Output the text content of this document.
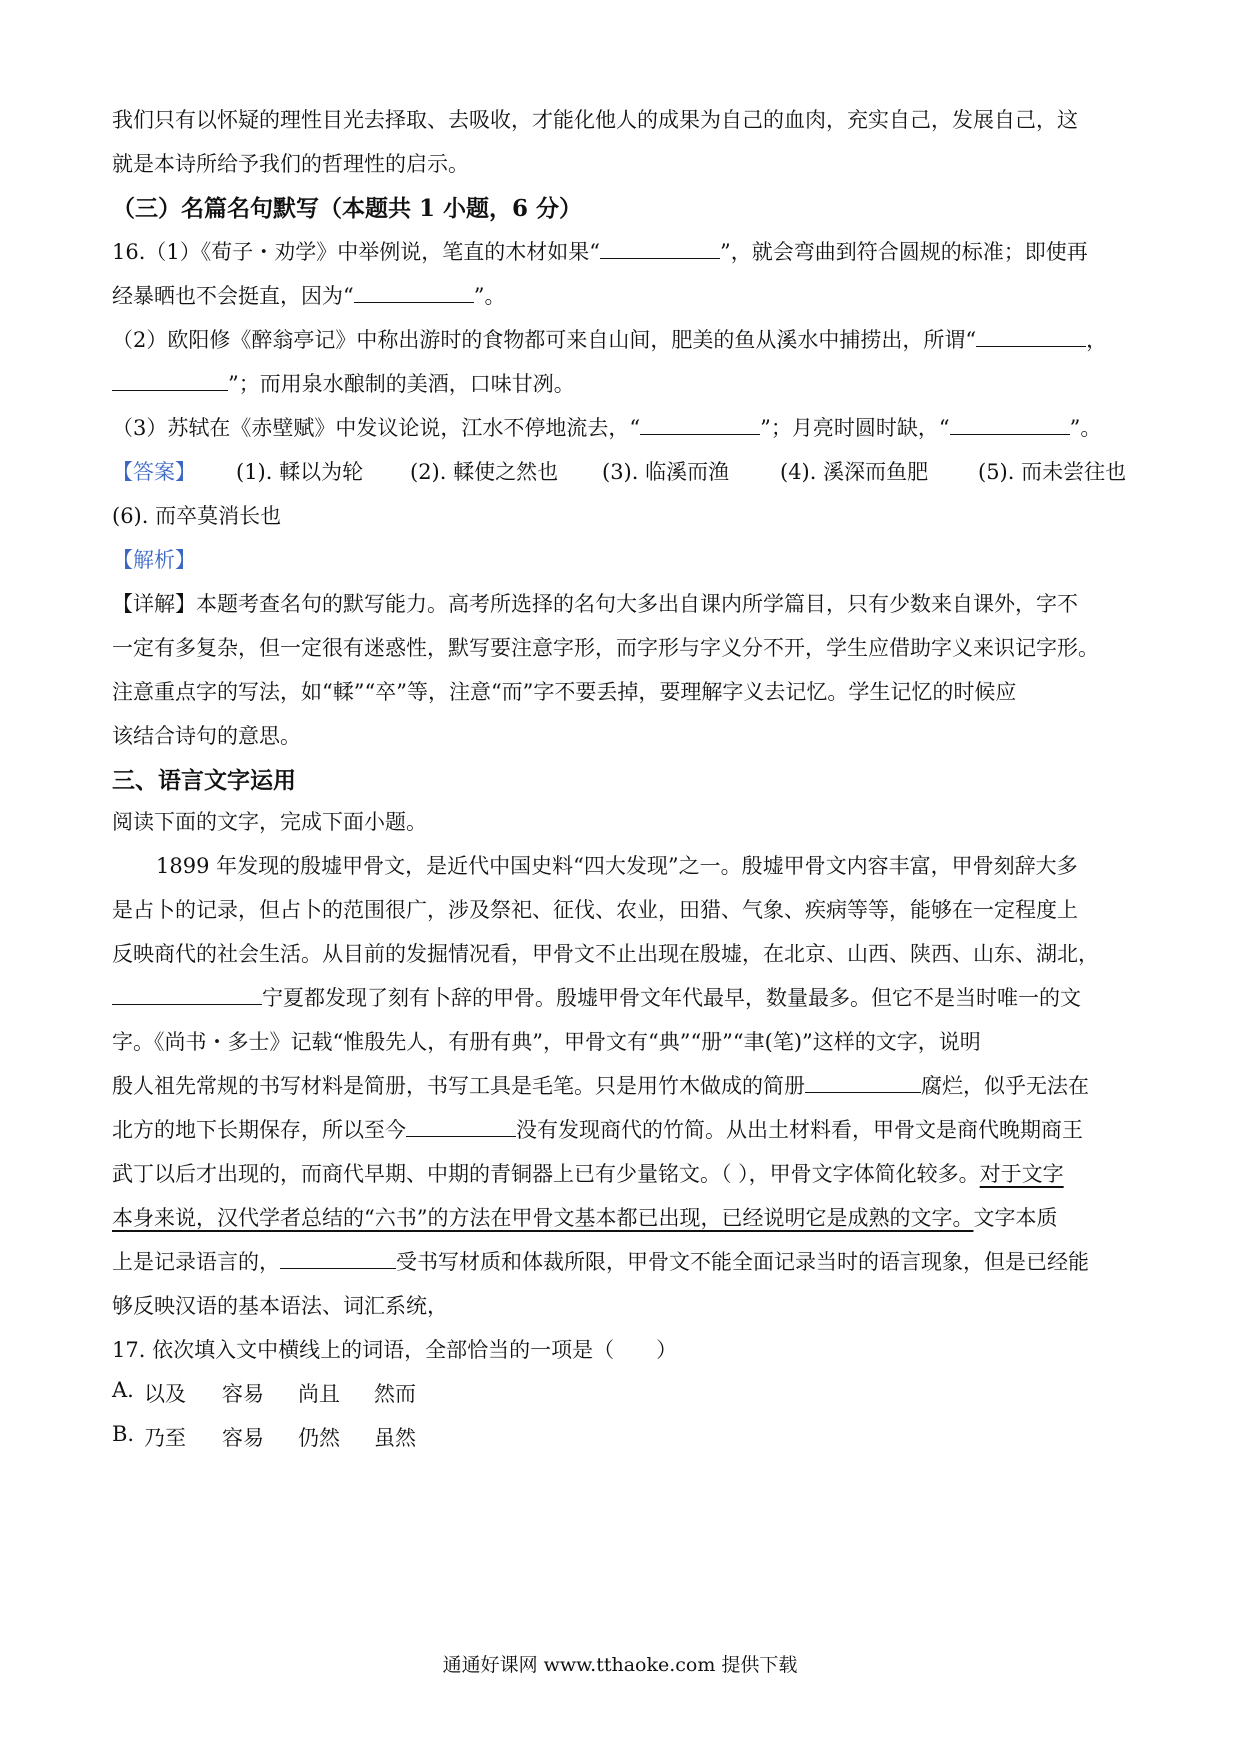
我们只有以怀疑的理性目光去择取、去吸收，才能化他人的成果为自己的血肉，充实自己，发展自己，这
就是本诗所给予我们的哲理性的启示。
（三）名篇名句默写（本题共 1 小题，6 分）
16.（1）《荀子・劝学》中举例说，笔直的木材如果“	”，就会弯曲到符合圆规的标准；即使再
经暴晒也不会挺直，因为“	”。
（2）欧阳修《醉翁亭记》中称出游时的食物都可来自山间，肥美的鱼从溪水中捕捞出，所谓“	，
”；而用泉水酿制的美酒，口味甘冽。
（3）苏轼在《赤壁赋》中发议论说，江水不停地流去，“	”；月亮时圆时缺，“	”。
【答案】 (1). 輮以为轮 (2). 輮使之然也 (3). 临溪而渔 (4). 溪深而鱼肥 (5). 而未尝往也
(6). 而卒莫消长也
【解析】
【详解】本题考查名句的默写能力。高考所选择的名句大多出自课内所学篇目，只有少数来自课外，字不
一定有多复杂，但一定很有迷惑性，默写要注意字形，而字形与字义分不开，学生应借助字义来识记字形。
注意重点字的写法，如“輮”“卒”等，注意“而”字不要丢掉，要理解字义去记忆。学生记忆的时候应
该结合诗句的意思。
三、语言文字运用
阅读下面的文字，完成下面小题。
1899 年发现的殷墟甲骨文，是近代中国史料“四大发现”之一。殷墟甲骨文内容丰富，甲骨刻辞大多
是占卜的记录，但占卜的范围很广，涉及祭祀、征伐、农业，田猎、气象、疾病等等，能够在一定程度上
反映商代的社会生活。从目前的发掘情况看，甲骨文不止出现在殷墟，在北京、山西、陕西、山东、湖北，
宁夏都发现了刻有卜辞的甲骨。殷墟甲骨文年代最早，数量最多。但它不是当时唯一的文
字。《尚书・多士》记载“惟殷先人，有册有典”，甲骨文有“典”“册”“聿(笔)”这样的文字，说明
殷人祖先常规的书写材料是简册，书写工具是毛笔。只是用竹木做成的简册	腐烂，似乎无法在
北方的地下长期保存，所以至今	没有发现商代的竹简。从出土材料看，甲骨文是商代晚期商王
武丁以后才出现的，而商代早期、中期的青铜器上已有少量铭文。（ ），甲骨文字体简化较多。对于文字
本身来说，汉代学者总结的“六书”的方法在甲骨文基本都已出现，已经说明它是成熟的文字。文字本质
上是记录语言的，	受书写材质和体裁所限，甲骨文不能全面记录当时的语言现象，但是已经能
够反映汉语的基本语法、词汇系统，
17. 依次填入文中横线上的词语，全部恰当的一项是（　　）
A. 以及 容易 尚且 然而
B. 乃至 容易 仍然 虽然
通通好课网 www.tthaoke.com 提供下载
